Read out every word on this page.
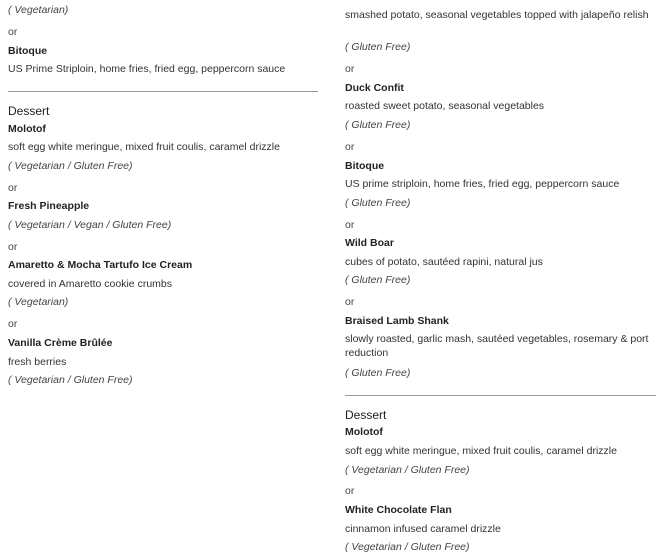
( Vegetarian)
or
Bitoque
US Prime Striploin, home fries, fried egg, peppercorn sauce
Dessert
Molotof
soft egg white meringue, mixed fruit coulis, caramel drizzle
( Vegetarian / Gluten Free)
or
Fresh Pineapple
( Vegetarian / Vegan / Gluten Free)
or
Amaretto & Mocha Tartufo Ice Cream
covered in Amaretto cookie crumbs
( Vegetarian)
or
Vanilla Crème Brûlée
fresh berries
( Vegetarian / Gluten Free)
smashed potato, seasonal vegetables topped with jalapeño relish
( Gluten Free)
or
Duck Confit
roasted sweet potato, seasonal vegetables
( Gluten Free)
or
Bitoque
US prime striploin, home fries, fried egg, peppercorn sauce
( Gluten Free)
or
Wild Boar
cubes of potato, sautéed rapini, natural jus
( Gluten Free)
or
Braised Lamb Shank
slowly roasted, garlic mash, sautéed vegetables, rosemary & port reduction
( Gluten Free)
Dessert
Molotof
soft egg white meringue, mixed fruit coulis, caramel drizzle
( Vegetarian / Gluten Free)
or
White Chocolate Flan
cinnamon infused caramel drizzle
( Vegetarian / Gluten Free)
